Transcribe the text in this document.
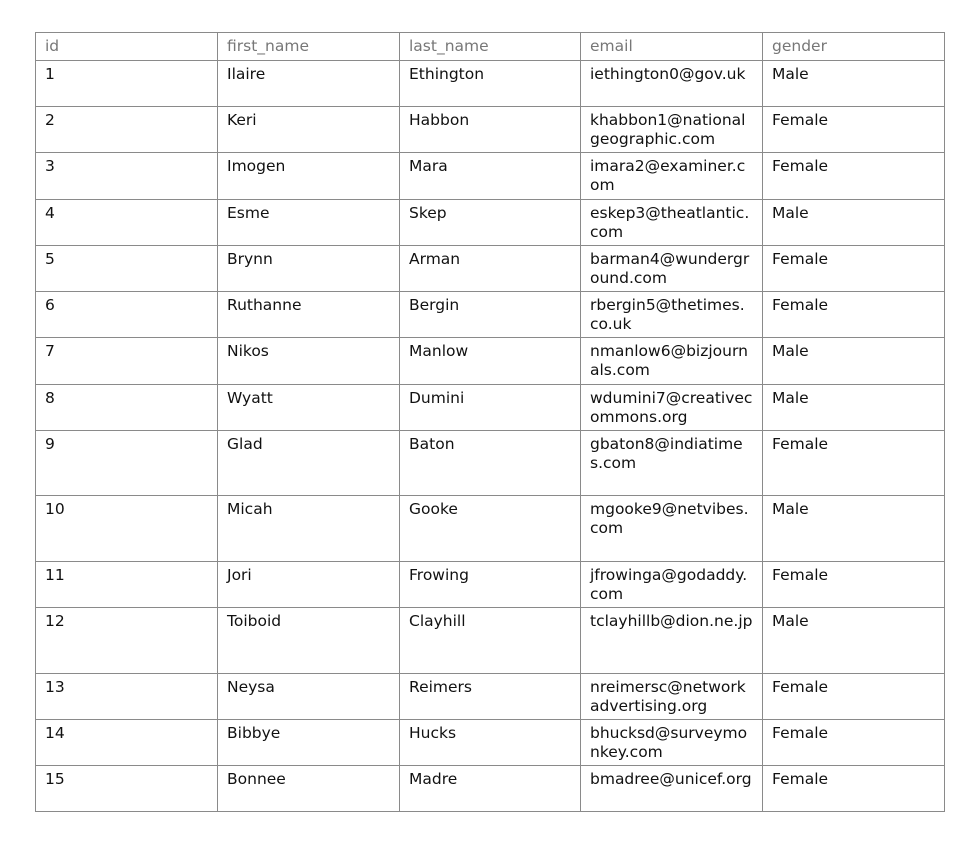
id	first_name	last_name	email	gender
1	Ilaire	Ethington	iethington0@gov.uk	Male
2	Keri	Habbon	khabbon1@nationalgeographic.com	Female
3	Imogen	Mara	imara2@examiner.com	Female
4	Esme	Skep	eskep3@theatlantic.com	Male
5	Brynn	Arman	barman4@wunderground.com	Female
6	Ruthanne	Bergin	rbergin5@thetimes.co.uk	Female
7	Nikos	Manlow	nmanlow6@bizjournals.com	Male
8	Wyatt	Dumini	wdumini7@creativecommons.org	Male
9	Glad	Baton	gbaton8@indiatimes.com	Female
10	Micah	Gooke	mgooke9@netvibes.com	Male
11	Jori	Frowing	jfrowinga@godaddy.com	Female
12	Toiboid	Clayhill	tclayhillb@dion.ne.jp	Male
13	Neysa	Reimers	nreimersc@networkadvertising.org	Female
14	Bibbye	Hucks	bhucksd@surveymonkey.com	Female
15	Bonnee	Madre	bmadree@unicef.org	Female
